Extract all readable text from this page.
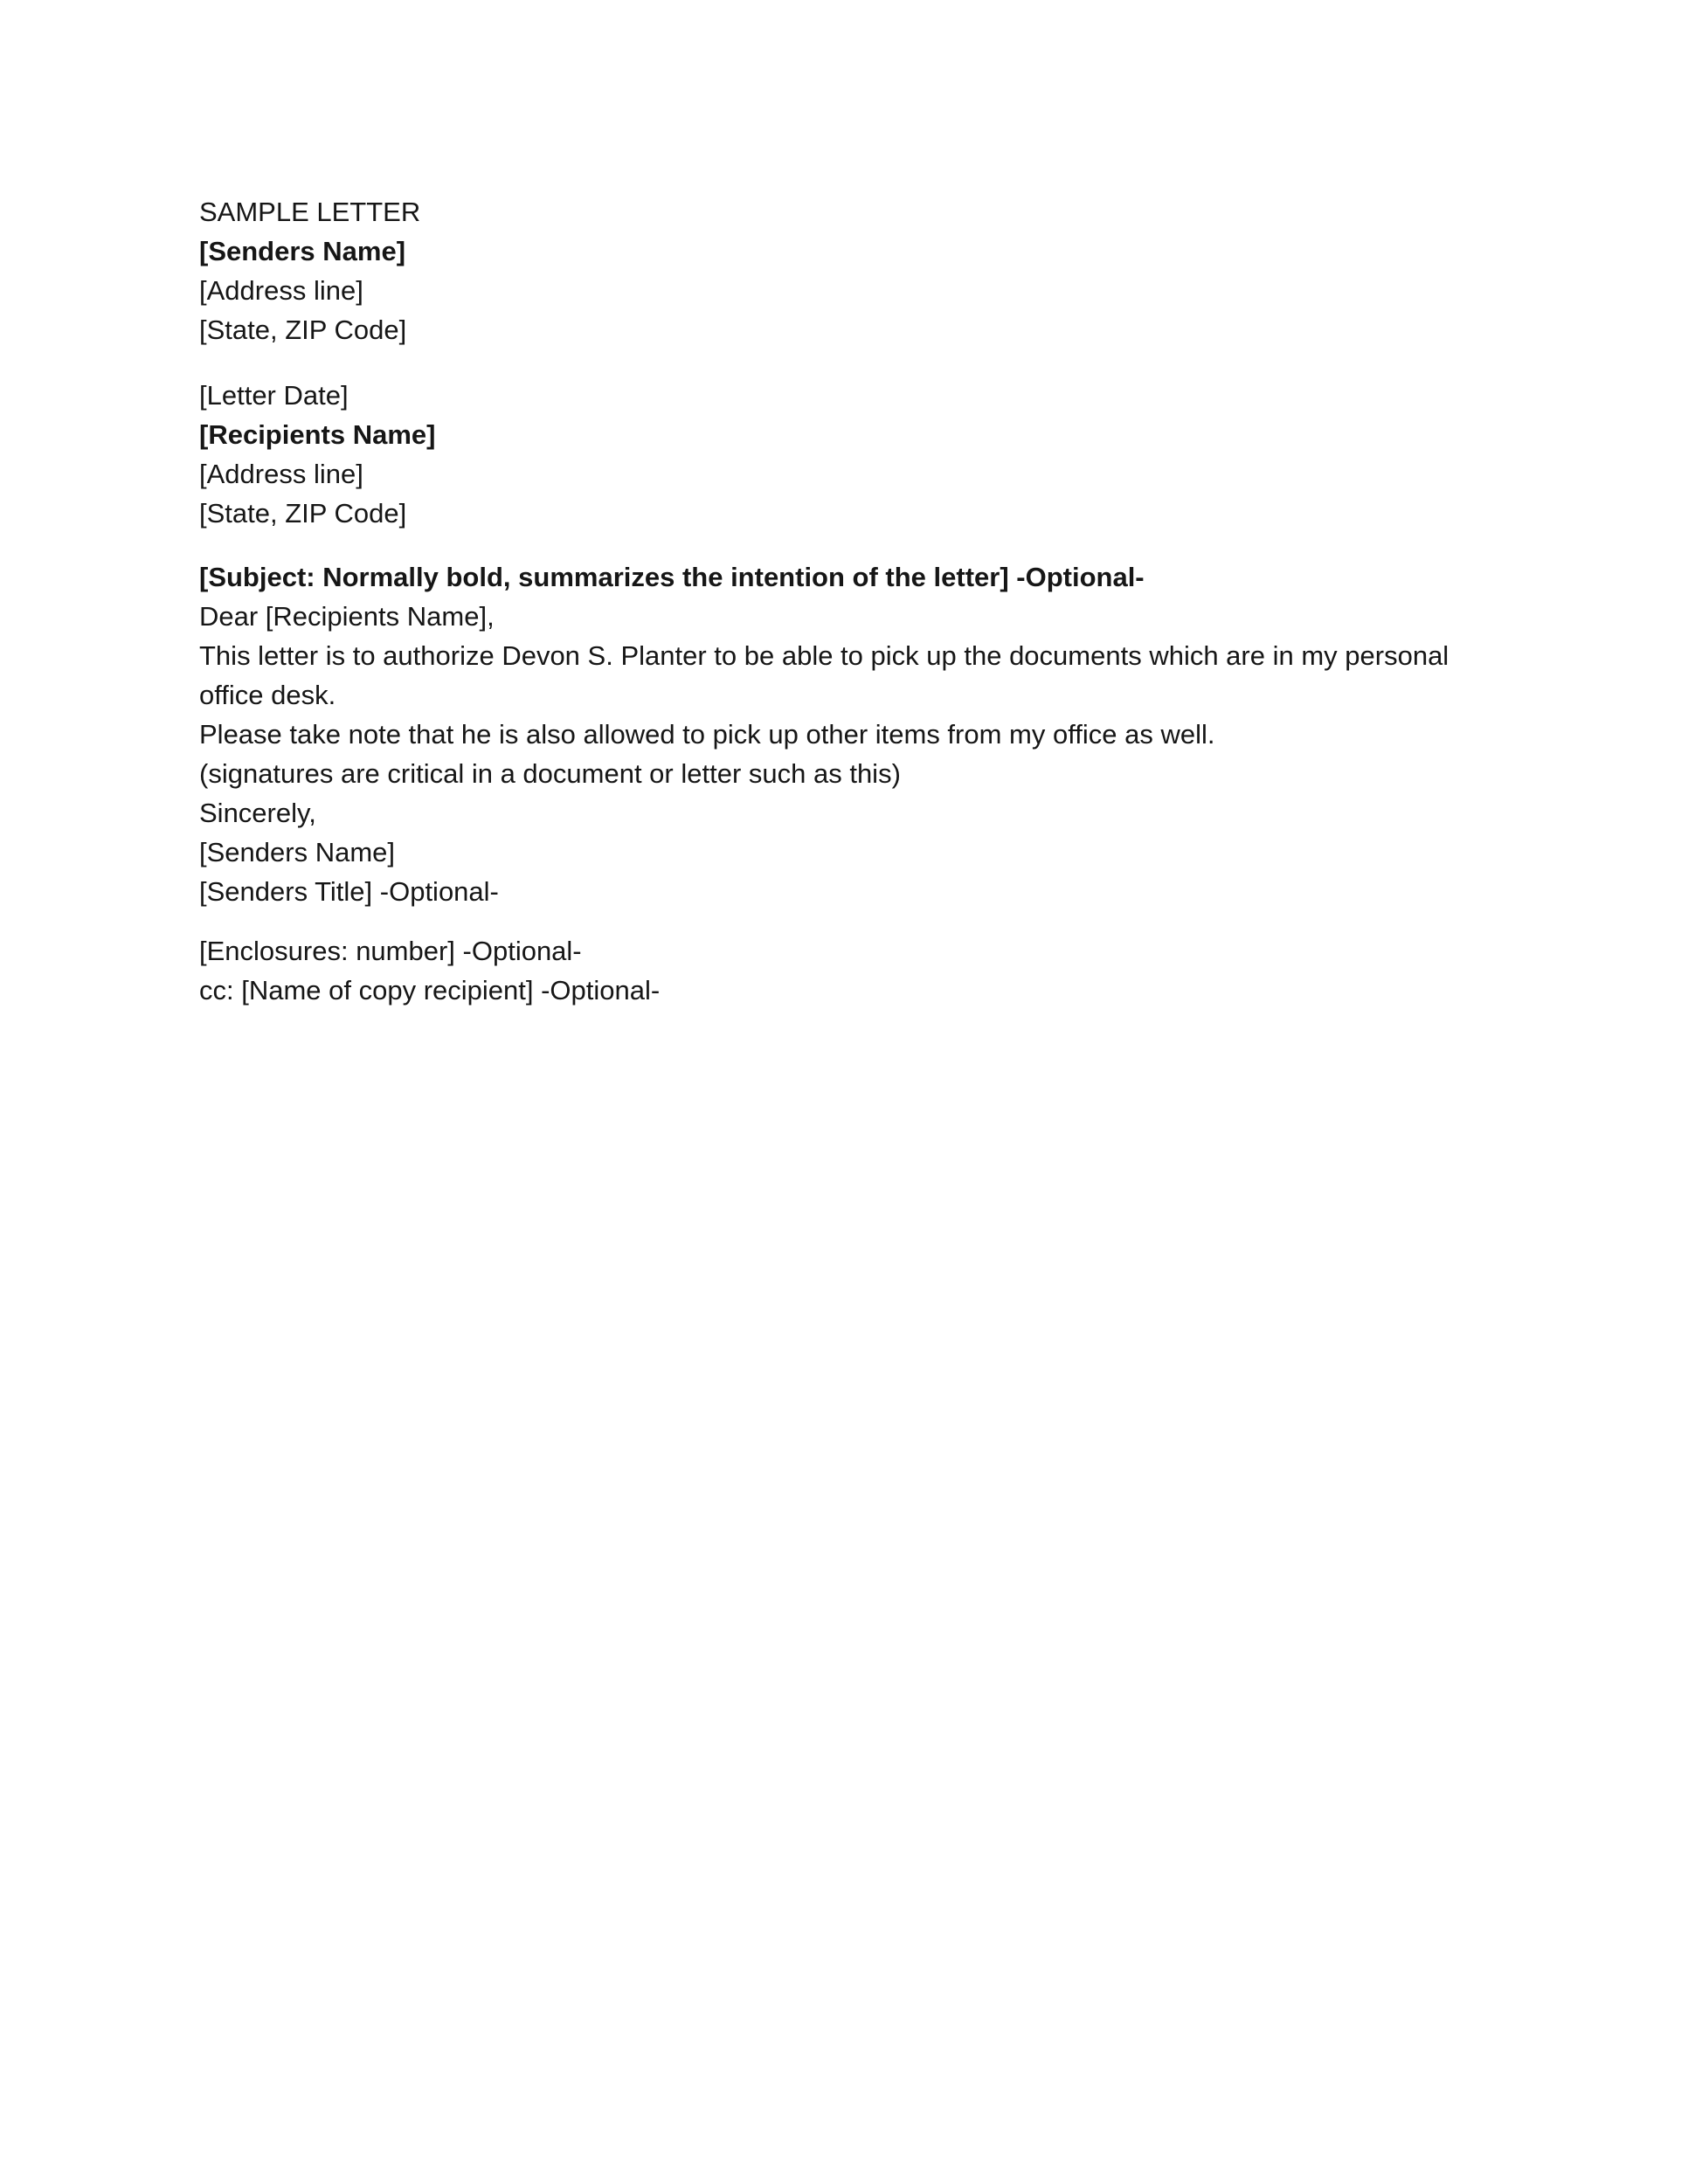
SAMPLE LETTER

[Senders Name]

[Address line]

[State, ZIP Code]

[Letter Date]

[Recipients Name]

[Address line]

[State, ZIP Code]

[Subject: Normally bold, summarizes the intention of the letter] -Optional-

Dear [Recipients Name],

This letter is to authorize Devon S. Planter to be able to pick up the documents which are in my personal office desk.

Please take note that he is also allowed to pick up other items from my office as well.

(signatures are critical in a document or letter such as this)

Sincerely,

[Senders Name]

[Senders Title] -Optional-

[Enclosures: number] -Optional-

cc: [Name of copy recipient] -Optional-
